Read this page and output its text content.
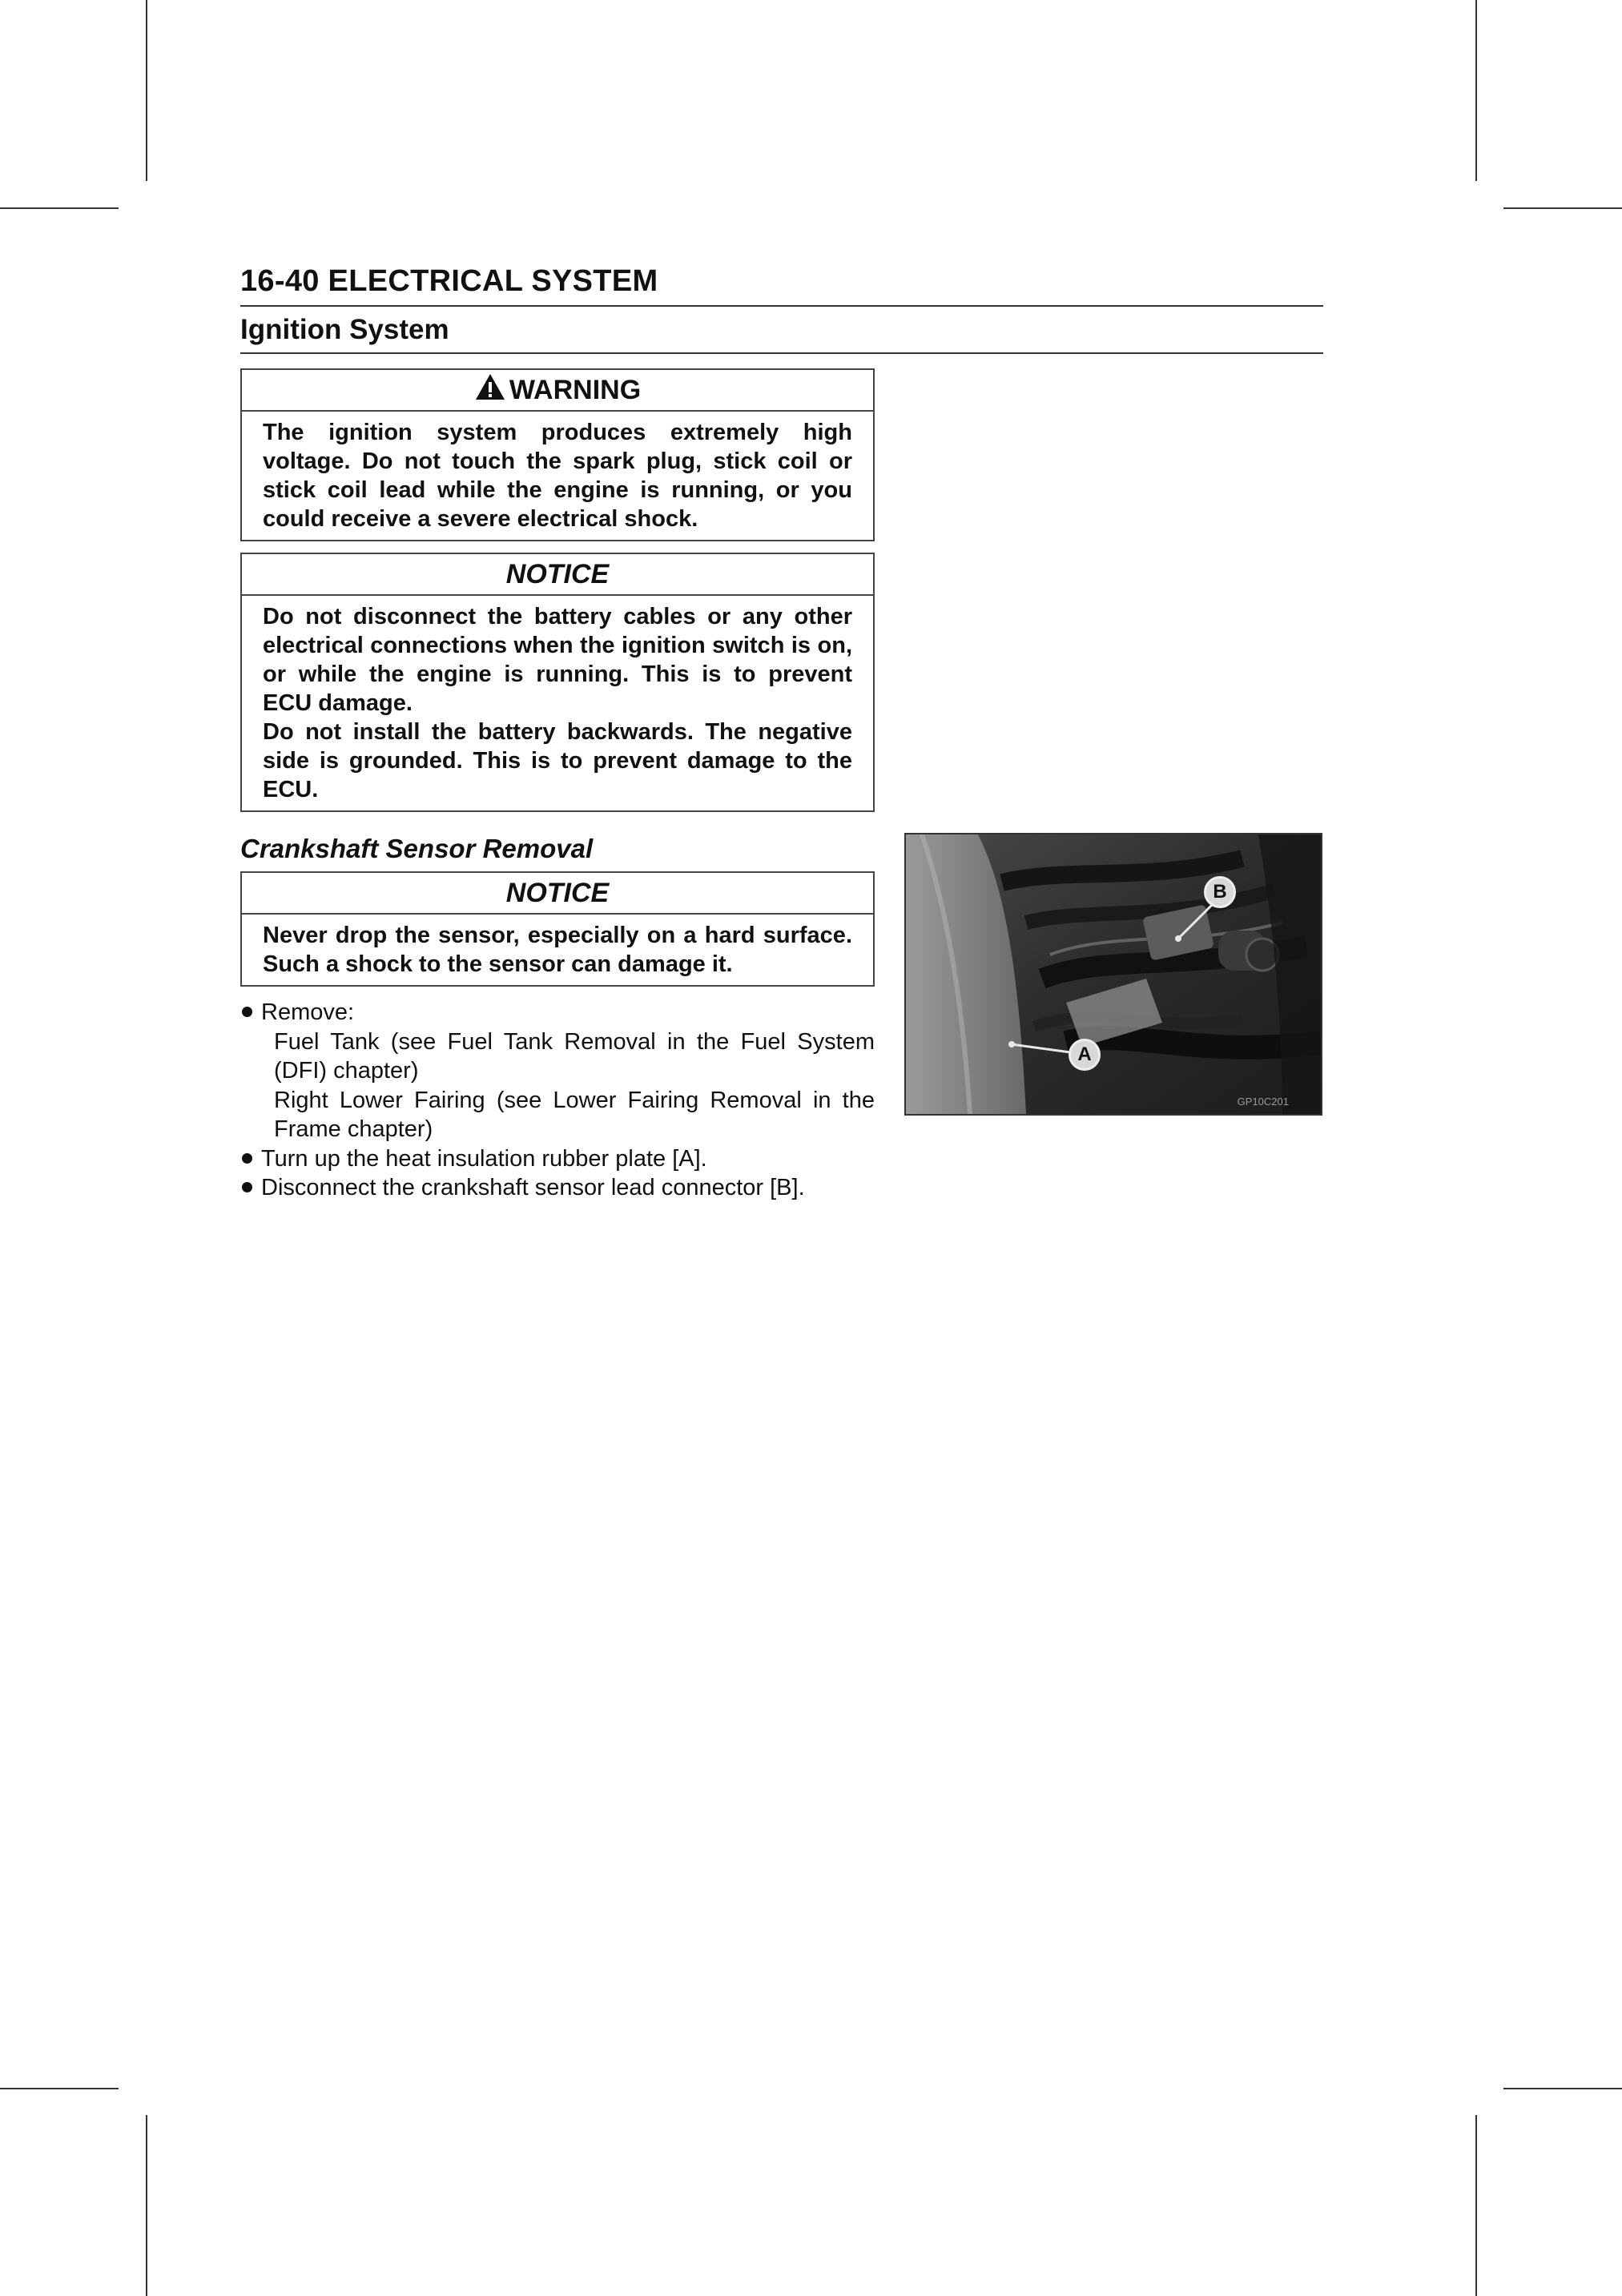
16-40 ELECTRICAL SYSTEM
Ignition System
WARNING

The ignition system produces extremely high voltage. Do not touch the spark plug, stick coil or stick coil lead while the engine is running, or you could receive a severe electrical shock.

NOTICE

Do not disconnect the battery cables or any other electrical connections when the ignition switch is on, or while the engine is running. This is to prevent ECU damage.

Do not install the battery backwards. The negative side is grounded. This is to prevent damage to the ECU.

Crankshaft Sensor Removal
NOTICE

Never drop the sensor, especially on a hard surface. Such a shock to the sensor can damage it.

Remove:
Fuel Tank (see Fuel Tank Removal in the Fuel System (DFI) chapter)
Right Lower Fairing (see Lower Fairing Removal in the Frame chapter)
Turn up the heat insulation rubber plate [A].
Disconnect the crankshaft sensor lead connector [B].
B
A
GP10C201
